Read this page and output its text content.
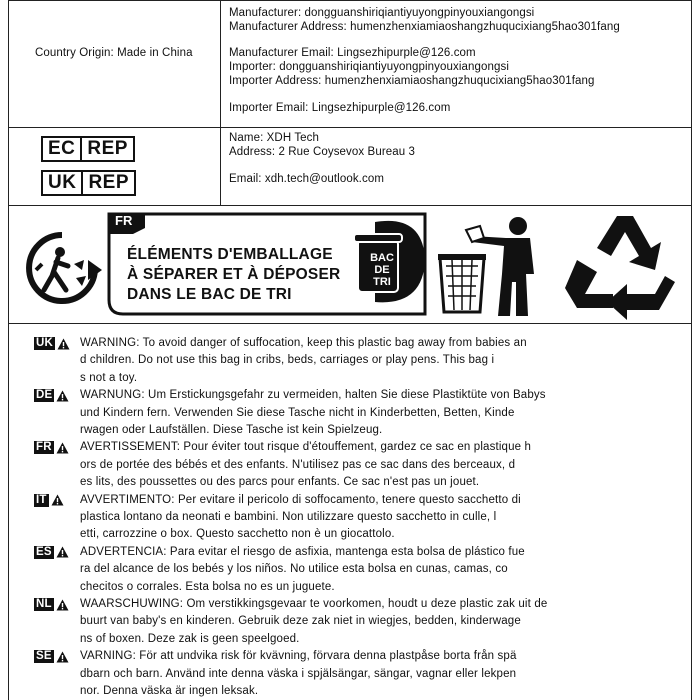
Country Origin: Made in China
Manufacturer: dongguanshiriqiantiyuyongpinyouxiangongsi
Manufacturer Address: humenzhenxiamiaoshangzhuqucixiang5hao301fang
Manufacturer Email: Lingsezhipurple@126.com
Importer: dongguanshiriqiantiyuyongpinyouxiangongsi
Importer Address: humenzhenxiamiaoshangzhuqucixiang5hao301fang
Importer Email: Lingsezhipurple@126.com
EC REP
UK REP
Name: XDH Tech
Address: 2 Rue Coysevox Bureau 3
Email: xdh.tech@outlook.com
FR
ÉLÉMENTS D'EMBALLAGE
À SÉPARER ET À DÉPOSER
DANS LE BAC DE TRI
BAC
DE
TRI
UK WARNING: To avoid danger of suffocation, keep this plastic bag away from babies an
d children. Do not use this bag in cribs, beds, carriages or play pens. This bag i
s not a toy.
DE WARNUNG: Um Erstickungsgefahr zu vermeiden, halten Sie diese Plastiktüte von Babys
und Kindern fern. Verwenden Sie diese Tasche nicht in Kinderbetten, Betten, Kinde
rwagen oder Laufställen. Diese Tasche ist kein Spielzeug.
FR AVERTISSEMENT: Pour éviter tout risque d'étouffement, gardez ce sac en plastique h
ors de portée des bébés et des enfants. N'utilisez pas ce sac dans des berceaux, d
es lits, des poussettes ou des parcs pour enfants. Ce sac n'est pas un jouet.
IT	AVVERTIMENTO: Per evitare il pericolo di soffocamento, tenere questo sacchetto di
plastica lontano da neonati e bambini. Non utilizzare questo sacchetto in culle, l
etti, carrozzine o box. Questo sacchetto non è un giocattolo.
ES ADVERTENCIA: Para evitar el riesgo de asfixia, mantenga esta bolsa de plástico fue
ra del alcance de los bebés y los niños. No utilice esta bolsa en cunas, camas, co
checitos o corrales. Esta bolsa no es un juguete.
NL WAARSCHUWING: Om verstikkingsgevaar te voorkomen, houdt u deze plastic zak uit de
buurt van baby's en kinderen. Gebruik deze zak niet in wiegjes, bedden, kinderwage
ns of boxen. Deze zak is geen speelgoed.
SE VARNING: För att undvika risk för kvävning, förvara denna plastpåse borta från spä
dbarn och barn. Använd inte denna väska i spjälsängar, sängar, vagnar eller lekpen
nor. Denna väska är ingen leksak.
